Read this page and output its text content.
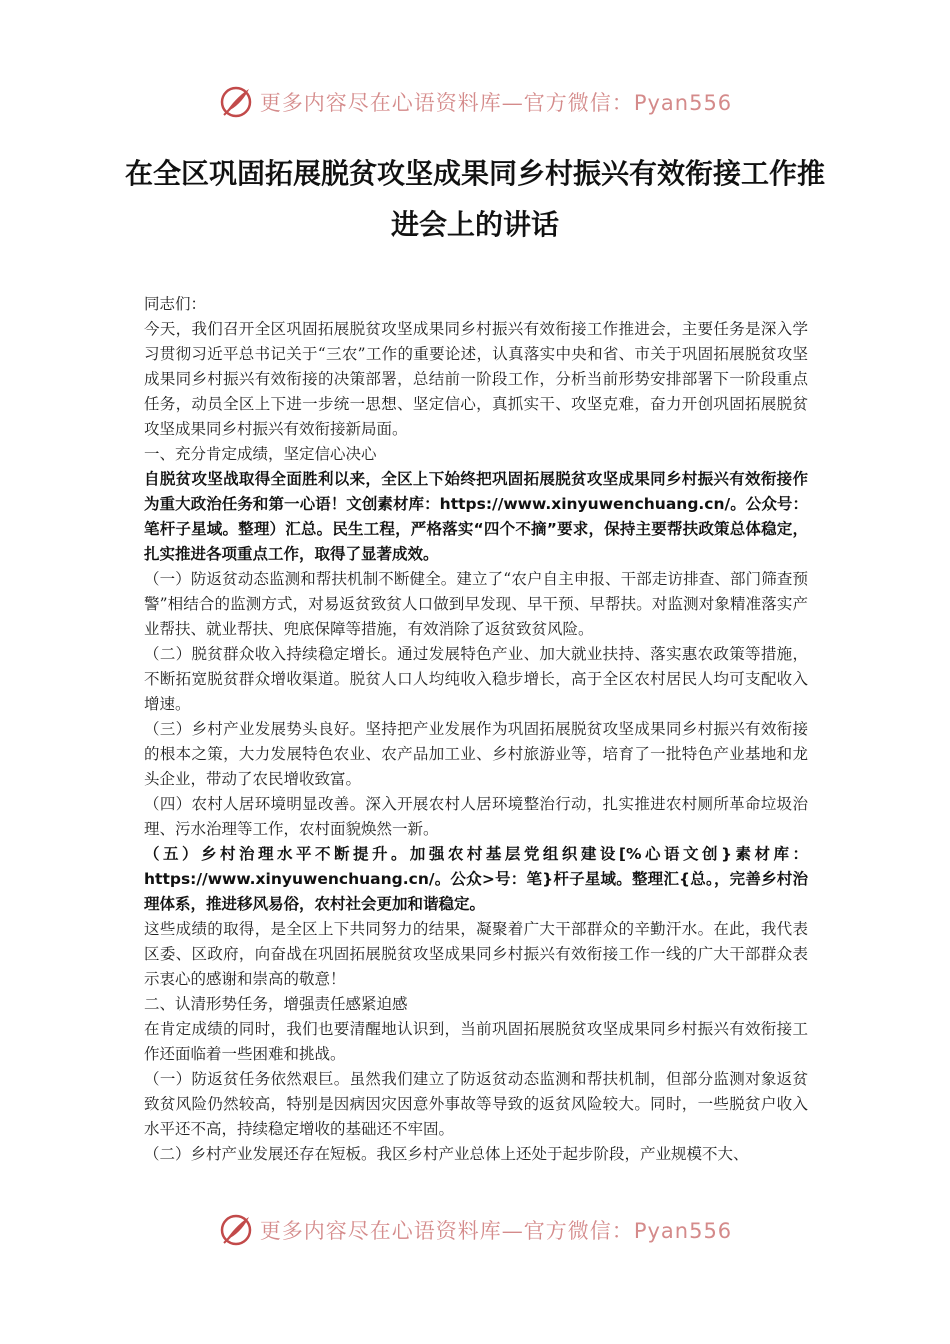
更多内容尽在心语资料库—官方微信：Pyan556
在全区巩固拓展脱贫攻坚成果同乡村振兴有效衔接工作推进会上的讲话

同志们：

今天，我们召开全区巩固拓展脱贫攻坚成果同乡村振兴有效衔接工作推进会，主要任务是深入学习贯彻习近平总书记关于“三农”工作的重要论述，认真落实中央和省、市关于巩固拓展脱贫攻坚成果同乡村振兴有效衔接的决策部署，总结前一阶段工作，分析当前形势安排部署下一阶段重点任务，动员全区上下进一步统一思想、坚定信心，真抓实干、攻坚克难，奋力开创巩固拓展脱贫攻坚成果同乡村振兴有效衔接新局面。

一、充分肯定成绩，坚定信心决心

自脱贫攻坚战取得全面胜利以来，全区上下始终把巩固拓展脱贫攻坚成果同乡村振兴有效衔接作为重大政治任务和第一心语！文创素材库：https://www.xinyuwenchuang.cn/。公众号：笔杆子星域。整理）汇总。民生工程，严格落实“四个不摘”要求，保持主要帮扶政策总体稳定，扎实推进各项重点工作，取得了显著成效。

（一）防返贫动态监测和帮扶机制不断健全。建立了“农户自主申报、干部走访排查、部门筛查预警”相结合的监测方式，对易返贫致贫人口做到早发现、早干预、早帮扶。对监测对象精准落实产业帮扶、就业帮扶、兜底保障等措施，有效消除了返贫致贫风险。

（二）脱贫群众收入持续稳定增长。通过发展特色产业、加大就业扶持、落实惠农政策等措施，不断拓宽脱贫群众增收渠道。脱贫人口人均纯收入稳步增长，高于全区农村居民人均可支配收入增速。

（三）乡村产业发展势头良好。坚持把产业发展作为巩固拓展脱贫攻坚成果同乡村振兴有效衔接的根本之策，大力发展特色农业、农产品加工业、乡村旅游业等，培育了一批特色产业基地和龙头企业，带动了农民增收致富。

（四）农村人居环境明显改善。深入开展农村人居环境整治行动，扎实推进农村厕所革命垃圾治理、污水治理等工作，农村面貌焕然一新。

（五）乡村治理水平不断提升。加强农村基层党组织建设[%心语文创}素材库：https://www.xinyuwenchuang.cn/。公众>号：笔}杆子星域。整理汇{总。，完善乡村治理体系，推进移风易俗，农村社会更加和谐稳定。

这些成绩的取得，是全区上下共同努力的结果，凝聚着广大干部群众的辛勤汗水。在此，我代表区委、区政府，向奋战在巩固拓展脱贫攻坚成果同乡村振兴有效衔接工作一线的广大干部群众表示衷心的感谢和崇高的敬意！

二、认清形势任务，增强责任感紧迫感

在肯定成绩的同时，我们也要清醒地认识到，当前巩固拓展脱贫攻坚成果同乡村振兴有效衔接工作还面临着一些困难和挑战。

（一）防返贫任务依然艰巨。虽然我们建立了防返贫动态监测和帮扶机制，但部分监测对象返贫致贫风险仍然较高，特别是因病因灾因意外事故等导致的返贫风险较大。同时，一些脱贫户收入水平还不高，持续稳定增收的基础还不牢固。

（二）乡村产业发展还存在短板。我区乡村产业总体上还处于起步阶段，产业规模不大、

更多内容尽在心语资料库—官方微信：Pyan556
